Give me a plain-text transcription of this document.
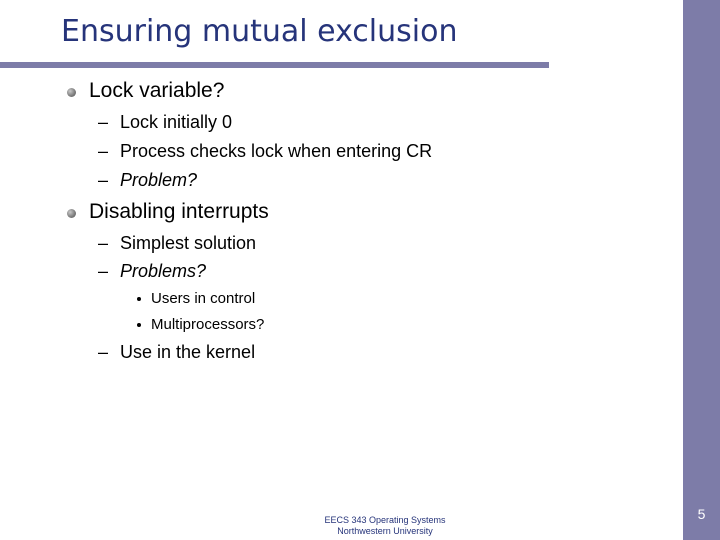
Ensuring mutual exclusion
Lock variable?
– Lock initially 0
– Process checks lock when entering CR
– Problem?
Disabling interrupts
– Simplest solution
– Problems?
Users in control
Multiprocessors?
– Use in the kernel
EECS 343 Operating Systems
Northwestern University
5
